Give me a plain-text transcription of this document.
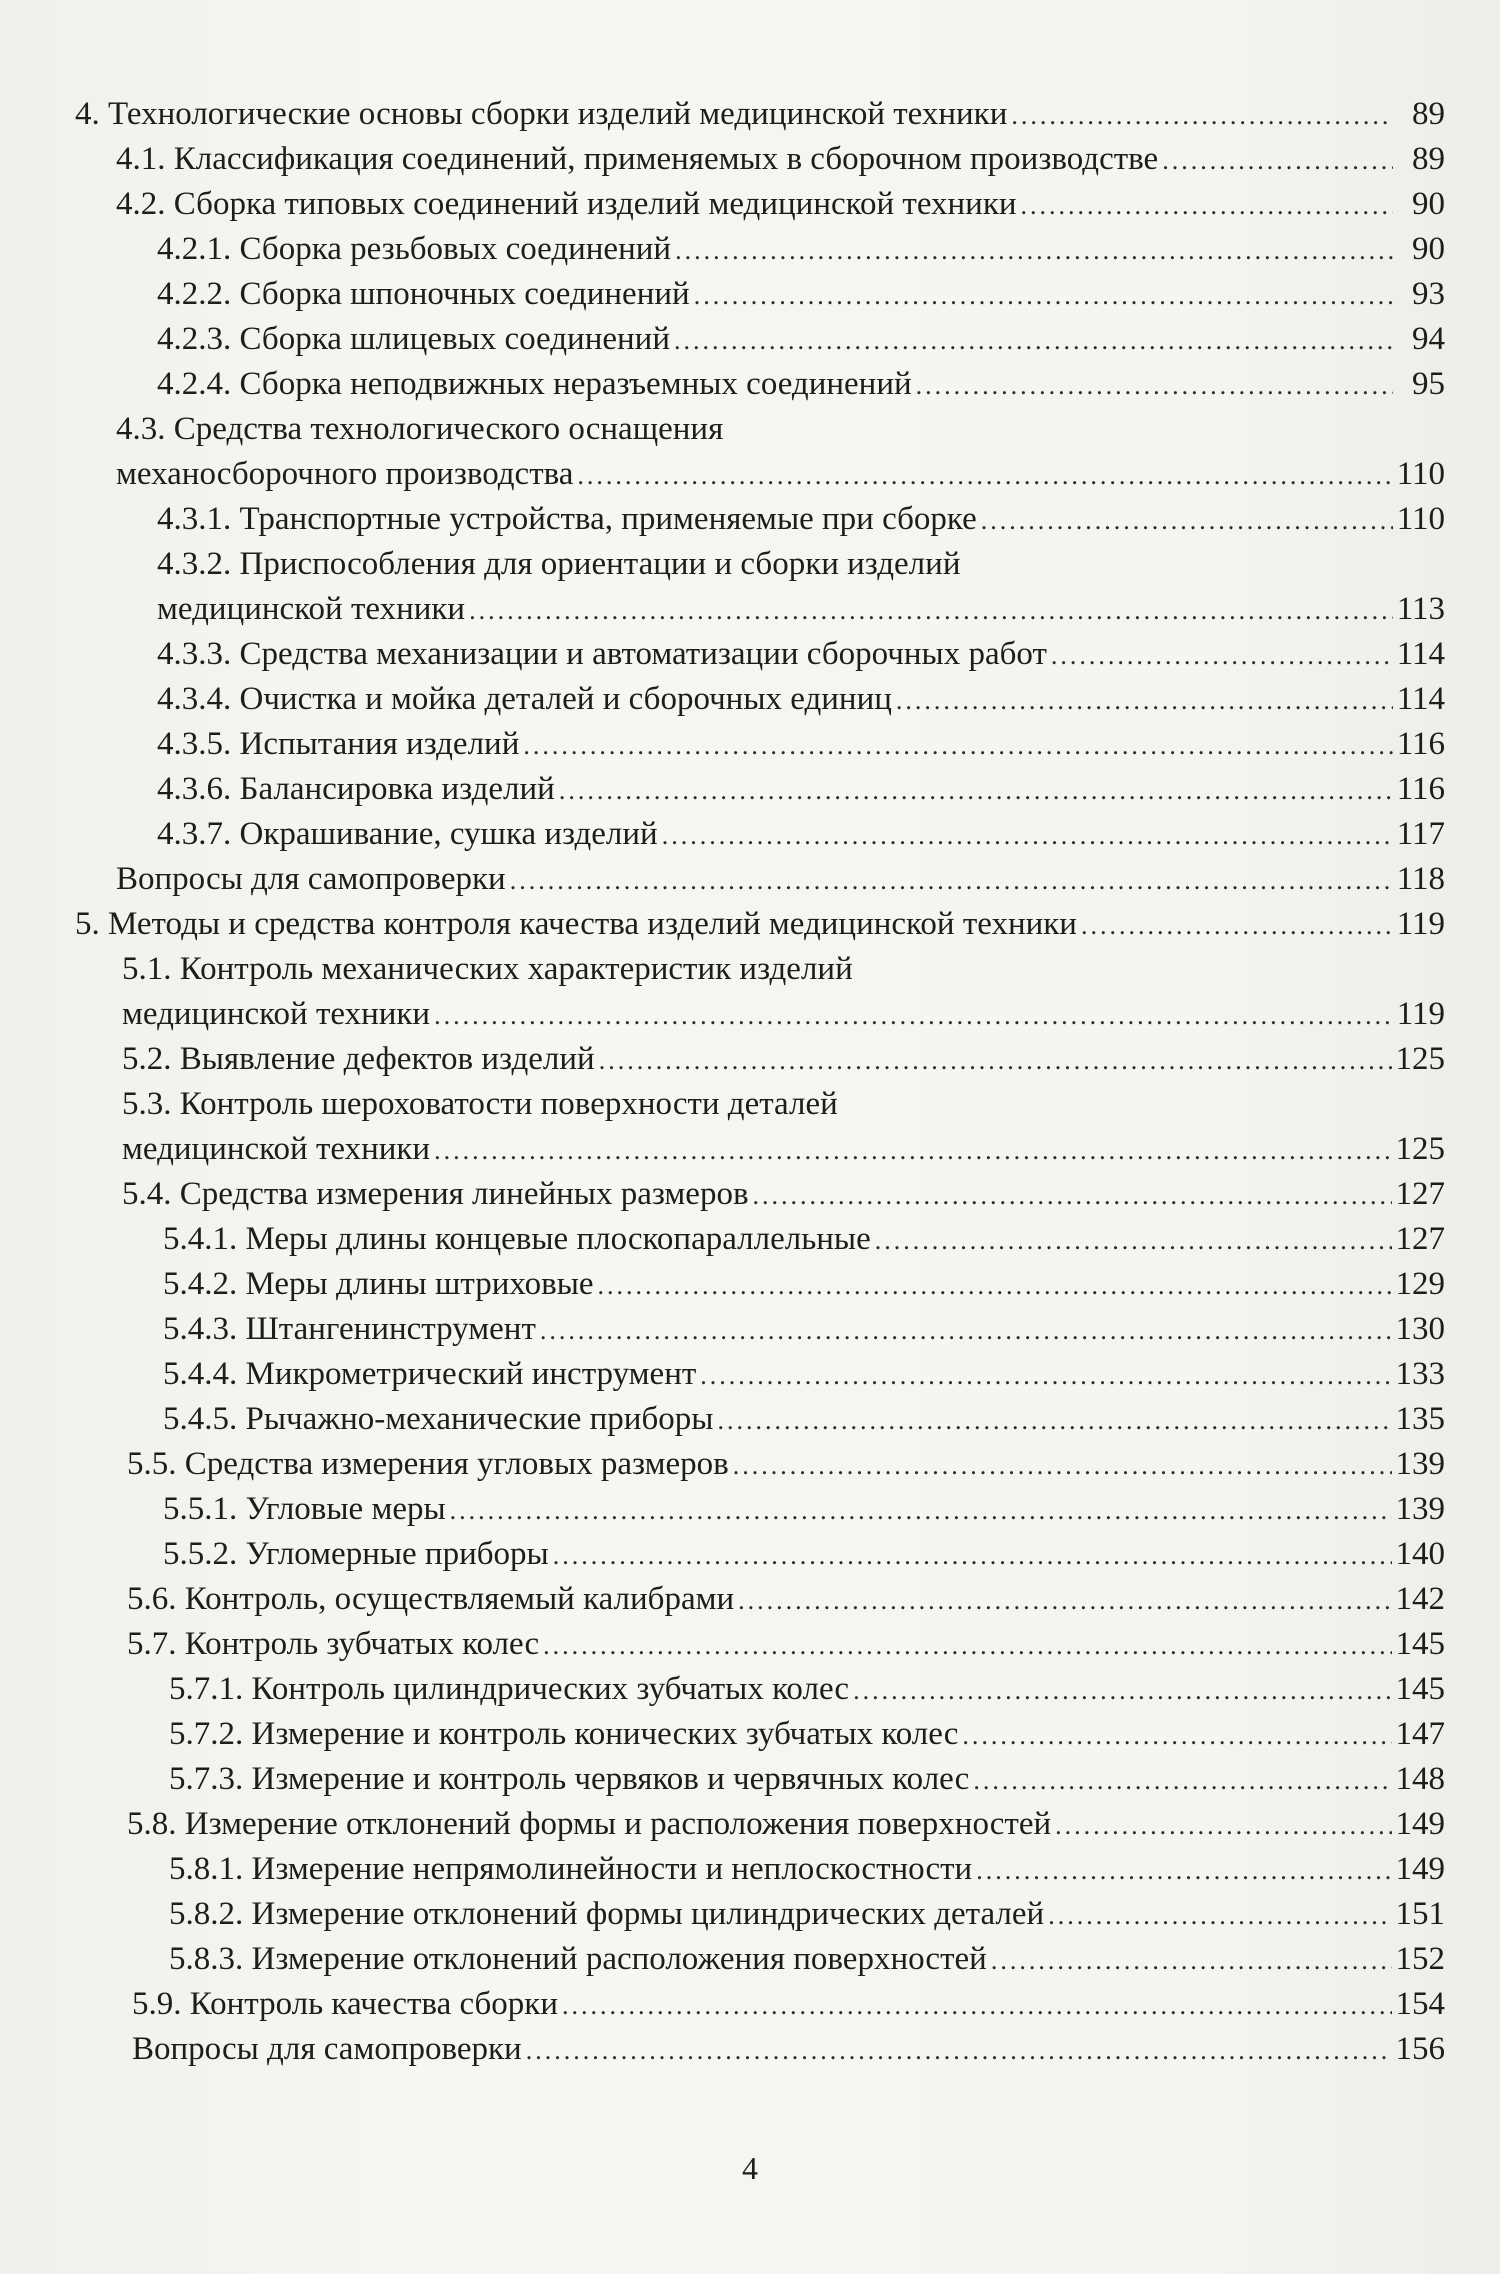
4. Технологические основы сборки изделий медицинской техники .....	89
4.1. Классификация соединений, применяемых в сборочном производстве .....	89
4.2. Сборка типовых соединений изделий медицинской техники .....	90
4.2.1. Сборка резьбовых соединений .....	90
4.2.2. Сборка шпоночных соединений .....	93
4.2.3. Сборка шлицевых соединений .....	94
4.2.4. Сборка неподвижных неразъемных соединений .....	95
4.3. Средства технологического оснащения
механосборочного производства .....	110
4.3.1. Транспортные устройства, применяемые при сборке .....	110
4.3.2. Приспособления для ориентации и сборки изделий
медицинской техники .....	113
4.3.3. Средства механизации и автоматизации сборочных работ .....	114
4.3.4. Очистка и мойка деталей и сборочных единиц .....	114
4.3.5. Испытания изделий .....	116
4.3.6. Балансировка изделий .....	116
4.3.7. Окрашивание, сушка изделий .....	117
Вопросы для самопроверки .....	118
5. Методы и средства контроля качества изделий медицинской техники .....	119
5.1. Контроль механических характеристик изделий
медицинской техники .....	119
5.2. Выявление дефектов изделий .....	125
5.3. Контроль шероховатости поверхности деталей
медицинской техники .....	125
5.4. Средства измерения линейных размеров .....	127
5.4.1. Меры длины концевые плоскопараллельные .....	127
5.4.2. Меры длины штриховые .....	129
5.4.3. Штангенинструмент .....	130
5.4.4. Микрометрический инструмент .....	133
5.4.5. Рычажно-механические приборы .....	135
5.5. Средства измерения угловых размеров .....	139
5.5.1. Угловые меры .....	139
5.5.2. Угломерные приборы .....	140
5.6. Контроль, осуществляемый калибрами .....	142
5.7. Контроль зубчатых колес .....	145
5.7.1. Контроль цилиндрических зубчатых колес .....	145
5.7.2. Измерение и контроль конических зубчатых колес .....	147
5.7.3. Измерение и контроль червяков и червячных колес .....	148
5.8. Измерение отклонений формы и расположения поверхностей .....	149
5.8.1. Измерение непрямолинейности и неплоскостности .....	149
5.8.2. Измерение отклонений формы цилиндрических деталей .....	151
5.8.3. Измерение отклонений расположения поверхностей .....	152
5.9. Контроль качества сборки .....	154
Вопросы для самопроверки .....	156
4
